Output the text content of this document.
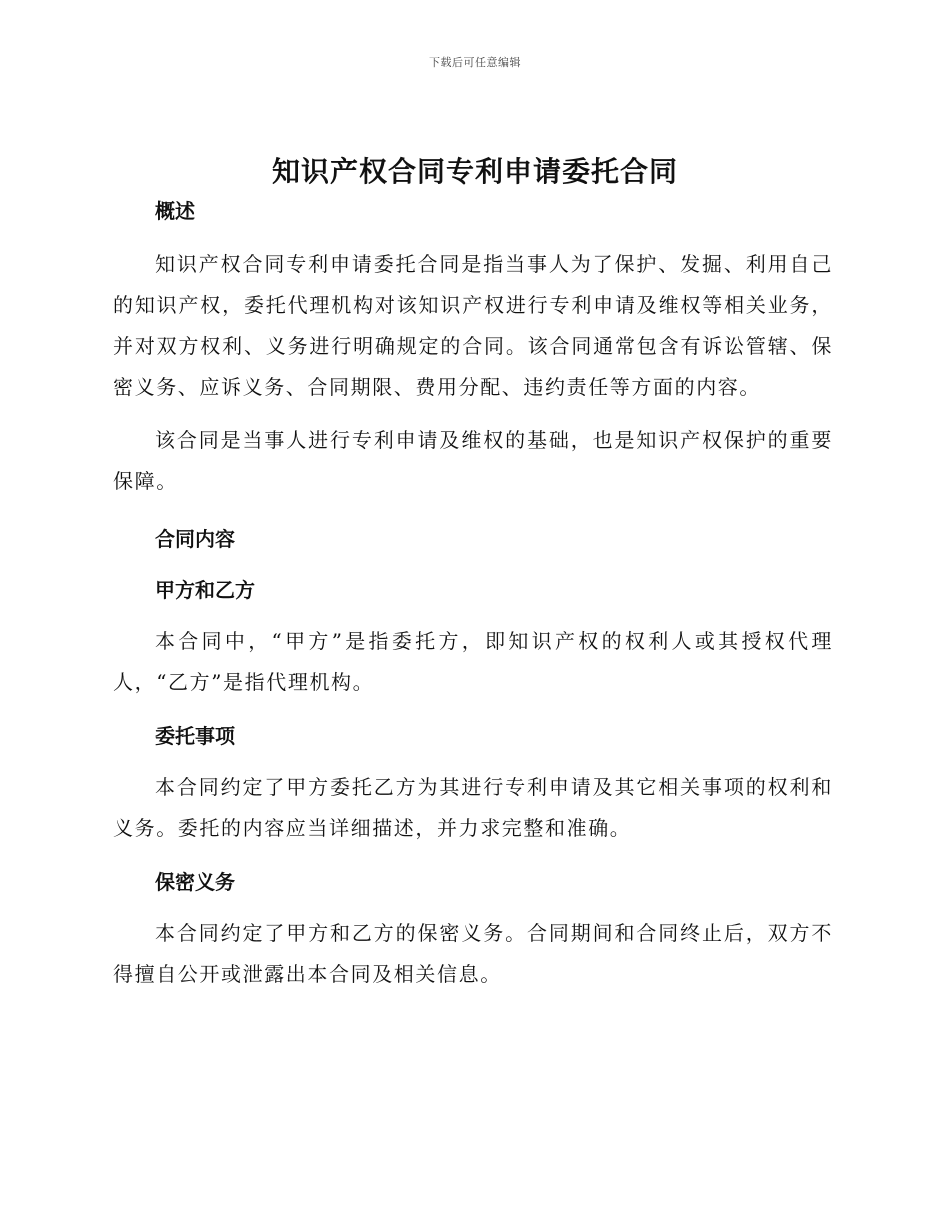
下载后可任意编辑
知识产权合同专利申请委托合同
概述

知识产权合同专利申请委托合同是指当事人为了保护、发掘、利用自己的知识产权，委托代理机构对该知识产权进行专利申请及维权等相关业务，并对双方权利、义务进行明确规定的合同。该合同通常包含有诉讼管辖、保密义务、应诉义务、合同期限、费用分配、违约责任等方面的内容。

该合同是当事人进行专利申请及维权的基础，也是知识产权保护的重要保障。

合同内容
甲方和乙方

本合同中，“甲方”是指委托方，即知识产权的权利人或其授权代理人，“乙方”是指代理机构。

委托事项

本合同约定了甲方委托乙方为其进行专利申请及其它相关事项的权利和义务。委托的内容应当详细描述，并力求完整和准确。

保密义务

本合同约定了甲方和乙方的保密义务。合同期间和合同终止后，双方不得擅自公开或泄露出本合同及相关信息。
